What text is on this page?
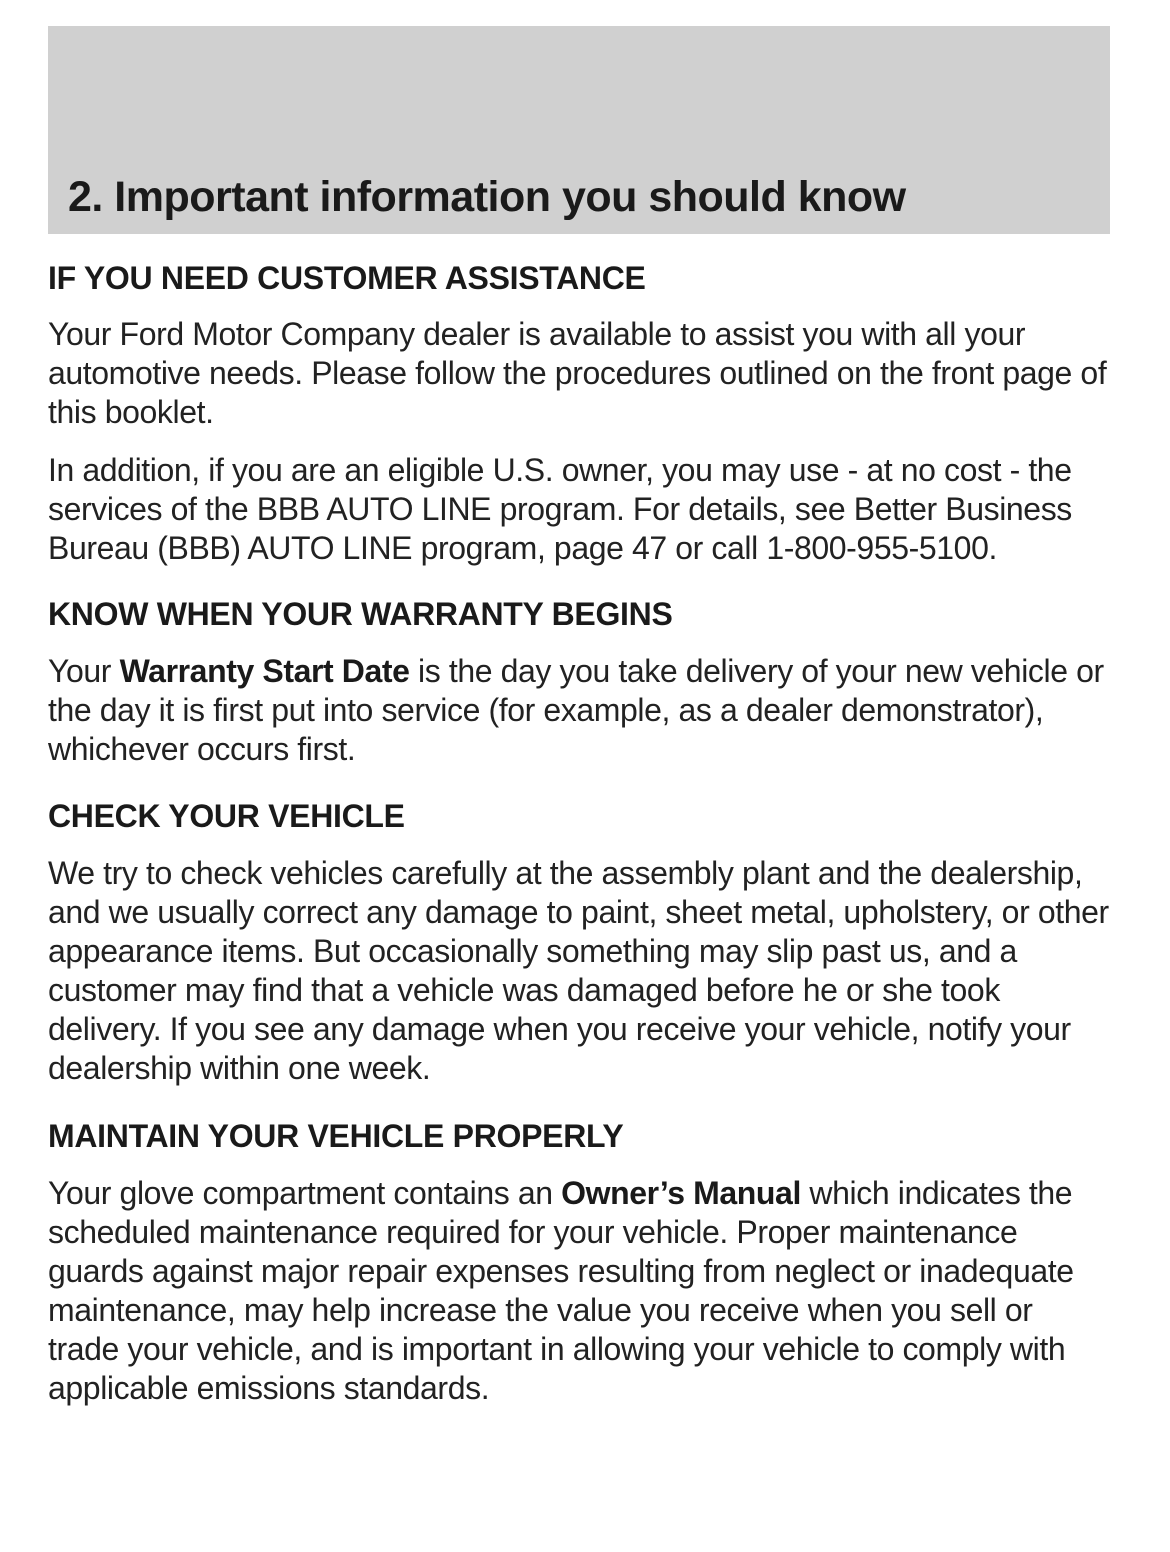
2. Important information you should know
IF YOU NEED CUSTOMER ASSISTANCE

Your Ford Motor Company dealer is available to assist you with all your automotive needs. Please follow the procedures outlined on the front page of this booklet.

In addition, if you are an eligible U.S. owner, you may use - at no cost - the services of the BBB AUTO LINE program. For details, see Better Business Bureau (BBB) AUTO LINE program, page 47 or call 1-800-955-5100.

KNOW WHEN YOUR WARRANTY BEGINS

Your Warranty Start Date is the day you take delivery of your new vehicle or the day it is first put into service (for example, as a dealer demonstrator), whichever occurs first.

CHECK YOUR VEHICLE

We try to check vehicles carefully at the assembly plant and the dealership, and we usually correct any damage to paint, sheet metal, upholstery, or other appearance items. But occasionally something may slip past us, and a customer may find that a vehicle was damaged before he or she took delivery. If you see any damage when you receive your vehicle, notify your dealership within one week.

MAINTAIN YOUR VEHICLE PROPERLY

Your glove compartment contains an Owner’s Manual which indicates the scheduled maintenance required for your vehicle. Proper maintenance guards against major repair expenses resulting from neglect or inadequate maintenance, may help increase the value you receive when you sell or trade your vehicle, and is important in allowing your vehicle to comply with applicable emissions standards.
